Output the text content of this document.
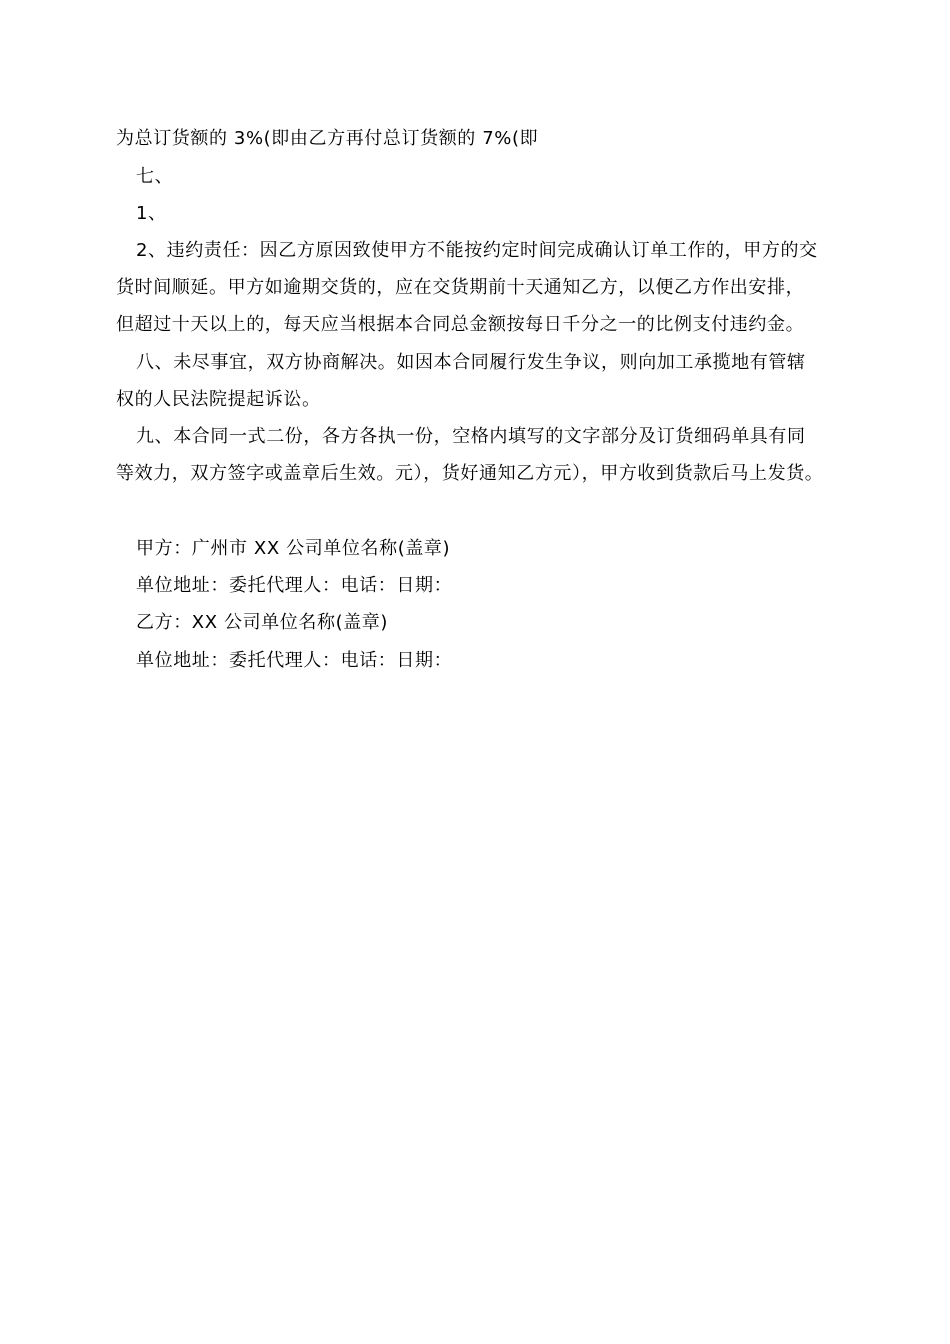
为总订货额的 3%(即由乙方再付总订货额的 7%(即
七、
1、
2、违约责任：因乙方原因致使甲方不能按约定时间完成确认订单工作的，甲方的交
货时间顺延。甲方如逾期交货的，应在交货期前十天通知乙方，以便乙方作出安排，
但超过十天以上的，每天应当根据本合同总金额按每日千分之一的比例支付违约金。
八、未尽事宜，双方协商解决。如因本合同履行发生争议，则向加工承揽地有管辖
权的人民法院提起诉讼。
九、本合同一式二份，各方各执一份，空格内填写的文字部分及订货细码单具有同
等效力，双方签字或盖章后生效。元），货好通知乙方元），甲方收到货款后马上发货。
甲方：广州市 XX 公司单位名称(盖章)
单位地址：委托代理人：电话：日期：
乙方：XX 公司单位名称(盖章)
单位地址：委托代理人：电话：日期：
